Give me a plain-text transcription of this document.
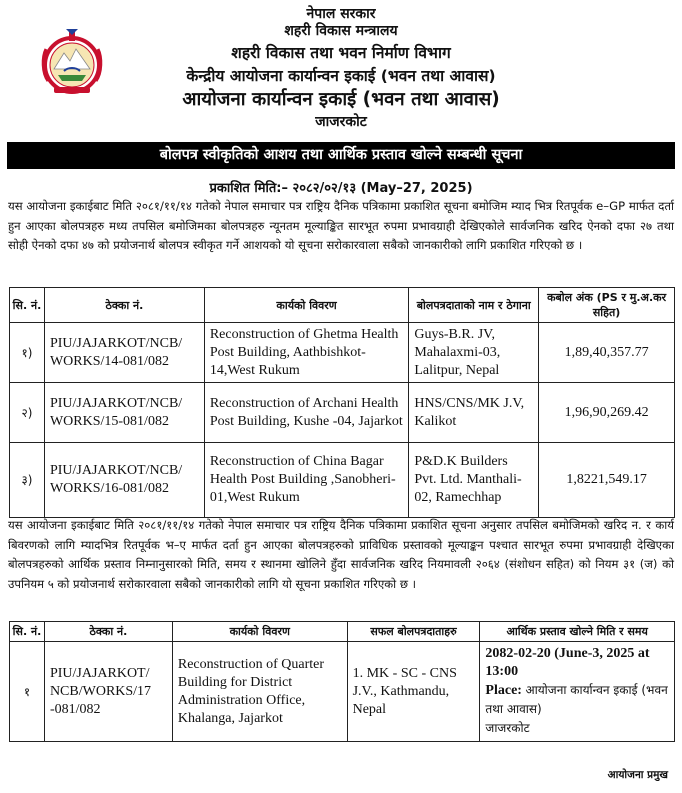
नेपाल सरकार
शहरी विकास मन्त्रालय
शहरी विकास तथा भवन निर्माण विभाग
केन्द्रीय आयोजना कार्यान्वन इकाई (भवन तथा आवास)
आयोजना कार्यान्वन इकाई (भवन तथा आवास)
जाजरकोट
बोलपत्र स्वीकृतिको आशय तथा आर्थिक प्रस्ताव खोल्ने सम्बन्धी सूचना
प्रकाशित मिति:– २०८२/०२/१३ (May–27, 2025)
यस आयोजना इकाईबाट मिति २०८१/११/१४ गतेको नेपाल समाचार पत्र राष्ट्रिय दैनिक पत्रिकामा प्रकाशित सूचना बमोजिम म्याद भित्र रितपूर्वक e–GP मार्फत दर्ता हुन आएका बोलपत्रहरु मध्य तपसिल बमोजिमका बोलपत्रहरु न्यूनतम मूल्याङ्कित सारभूत रुपमा प्रभावग्राही देखिएकोले सार्वजनिक खरिद ऐनको दफा २७ तथा सोही ऐनको दफा ४७ को प्रयोजनार्थ बोलपत्र स्वीकृत गर्ने आशयको यो सूचना सरोकारवाला सबैको जानकारीको लागि प्रकाशित गरिएको छ ।
सि. नं.	ठेक्का नं.	कार्यको विवरण	बोलपत्रदाताको नाम र ठेगाना	कबोल अंक (PS र मु.अ.कर सहित)
१)	PIU/JAJARKOT/NCB/ WORKS/14-081/082	Reconstruction of Ghetma Health Post Building, Aathbishkot-14,West Rukum	Guys-B.R. JV, Mahalaxmi-03, Lalitpur, Nepal	1,89,40,357.77
२)	PIU/JAJARKOT/NCB/ WORKS/15-081/082	Reconstruction of Archani Health Post Building, Kushe -04, Jajarkot	HNS/CNS/MK J.V, Kalikot	1,96,90,269.42
३)	PIU/JAJARKOT/NCB/ WORKS/16-081/082	Reconstruction of China Bagar Health Post Building ,Sanobheri-01,West Rukum	P&D.K Builders Pvt. Ltd. Manthali-02, Ramechhap	1,8221,549.17
यस आयोजना इकाईबाट मिति २०८१/११/१४ गतेको नेपाल समाचार पत्र राष्ट्रिय दैनिक पत्रिकामा प्रकाशित सूचना अनुसार तपसिल बमोजिमको खरिद न. र कार्य बिवरणको लागि म्यादभित्र रितपूर्वक भ–ए मार्फत दर्ता हुन आएका बोलपत्रहरुको प्राविधिक प्रस्तावको मूल्याङ्कन पश्चात सारभूत रुपमा प्रभावग्राही देखिएका बोलपत्रहरुको आर्थिक प्रस्ताव निम्नानुसारको मिति, समय र स्थानमा खोलिने हुँदा सार्वजनिक खरिद नियमावली २०६४ (संशोधन सहित) को नियम ३१ (ज) को उपनियम ५ को प्रयोजनार्थ सरोकारवाला सबैको जानकारीको लागि यो सूचना प्रकाशित गरिएको छ ।
सि. नं.	ठेक्का नं.	कार्यको विवरण	सफल बोलपत्रदाताहरु	आर्थिक प्रस्ताव खोल्ने मिति र समय
१	PIU/JAJARKOT/ NCB/WORKS/17 -081/082	Reconstruction of Quarter Building for District Administration Office, Khalanga, Jajarkot	1. MK - SC - CNS J.V., Kathmandu, Nepal	2082-02-20 (June-3, 2025 at 13:00
Place: आयोजना कार्यान्वन इकाई (भवन तथा आवास)
जाजरकोट
आयोजना प्रमुख
